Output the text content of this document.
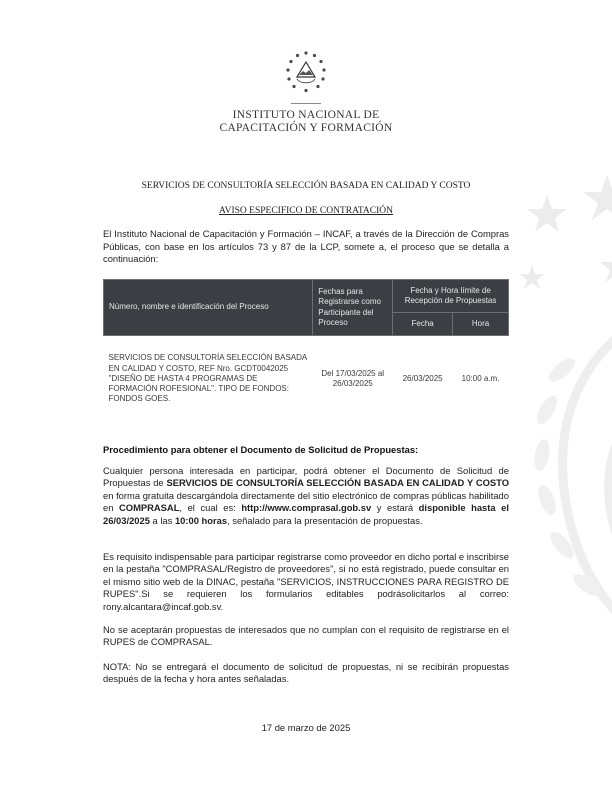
INSTITUTO NACIONAL DE
CAPACITACIÓN Y FORMACIÓN
SERVICIOS DE CONSULTORÍA SELECCIÓN BASADA EN CALIDAD Y COSTO
AVISO ESPECIFICO DE CONTRATACIÓN

El Instituto Nacional de Capacitación y Formación – INCAF, a través de la Dirección de Compras Públicas, con base en los artículos 73 y 87 de la LCP, somete a, el proceso que se detalla a continuación:

Número, nombre e identificación del Proceso	Fechas para Registrarse como Participante del Proceso	Fecha y Hora límite de Recepción de Propuestas	
		Fecha	Hora
SERVICIOS DE CONSULTORÍA SELECCIÓN BASADA EN CALIDAD Y COSTO, REF Nro. GCDT0042025 "DISEÑO DE HASTA 4 PROGRAMAS DE FORMACIÓN ROFESIONAL". TIPO DE FONDOS: FONDOS GOES.	Del 17/03/2025 al 26/03/2025	26/03/2025	10:00 a.m.
Procedimiento para obtener el Documento de Solicitud de Propuestas:

Cualquier persona interesada en participar, podrá obtener el Documento de Solicitud de Propuestas de SERVICIOS DE CONSULTORÍA SELECCIÓN BASADA EN CALIDAD Y COSTO en forma gratuita descargándola directamente del sitio electrónico de compras públicas habilitado en COMPRASAL, el cual es: http://www.comprasal.gob.sv y estará disponible hasta el 26/03/2025 a las 10:00 horas, señalado para la presentación de propuestas.

Es requisito indispensable para participar registrarse como proveedor en dicho portal e inscribirse en la pestaña "COMPRASAL/Registro de proveedores", si no está registrado, puede consultar en el mismo sitio web de la DINAC, pestaña "SERVICIOS, INSTRUCCIONES PARA REGISTRO DE RUPES".Si se requieren los formularios editables podrásolicitarlos al correo: rony.alcantara@incaf.gob.sv.

No se aceptarán propuestas de interesados que no cumplan con el requisito de registrarse en el RUPES de COMPRASAL.

NOTA: No se entregará el documento de solicitud de propuestas, ni se recibirán propuestas después de la fecha y hora antes señaladas.

17 de marzo de 2025
